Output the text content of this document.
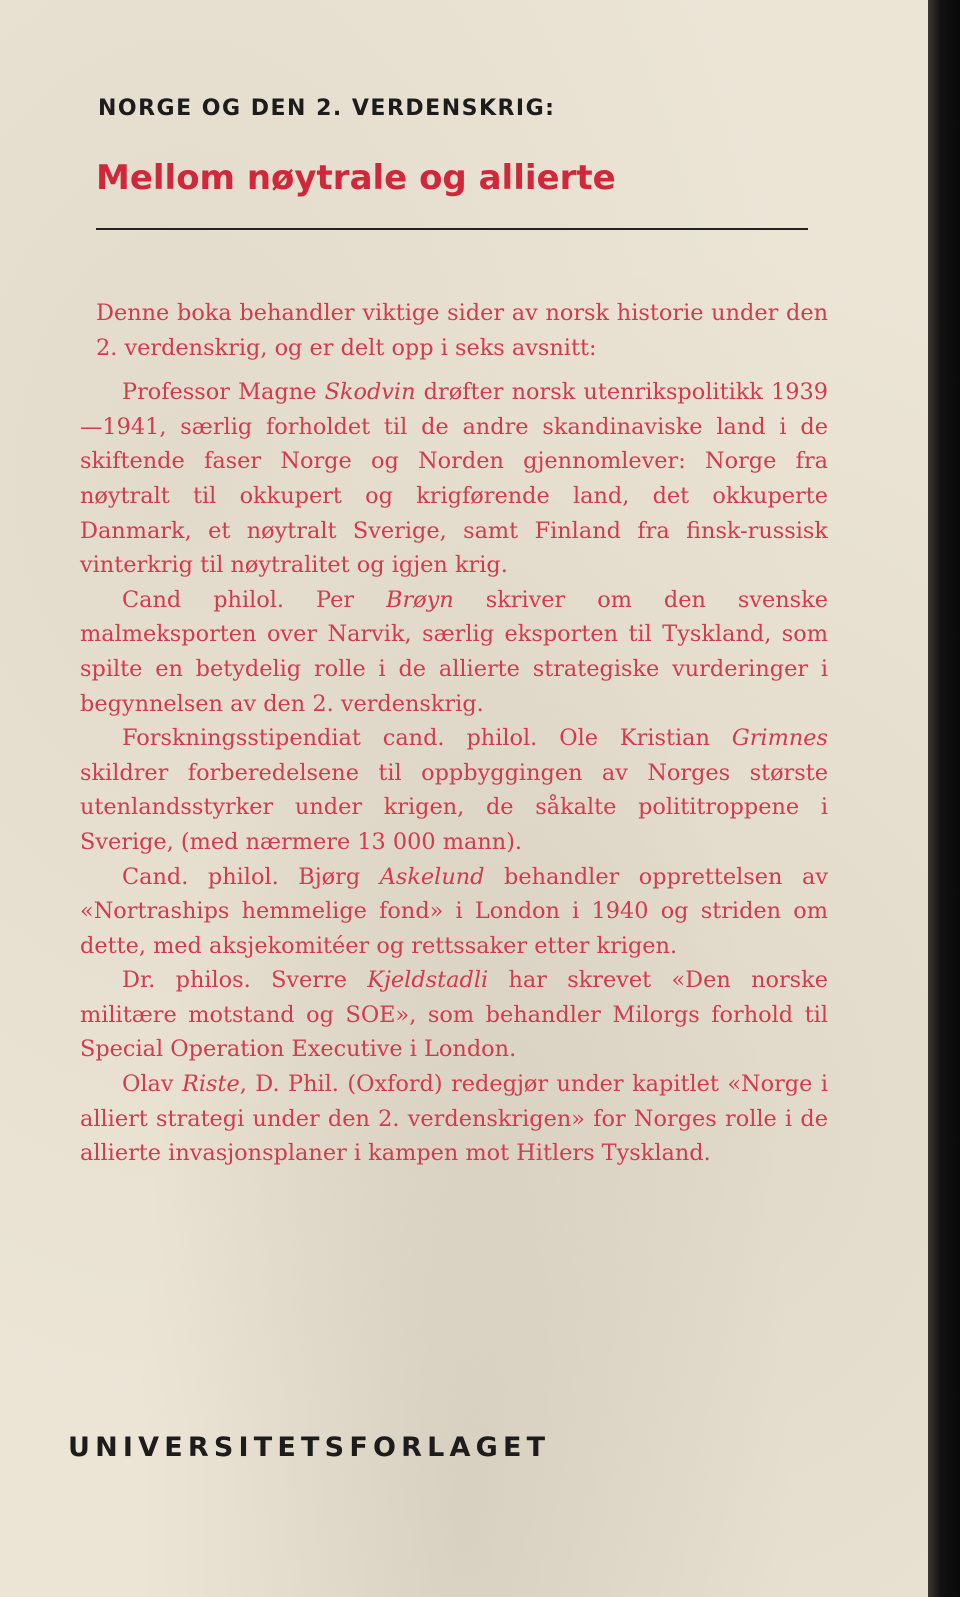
NORGE OG DEN 2. VERDENSKRIG:
Mellom nøytrale og allierte

Denne boka behandler viktige sider av norsk historie under den 2. verdenskrig, og er delt opp i seks avsnitt:

Professor Magne Skodvin drøfter norsk utenrikspolitikk 1939—1941, særlig forholdet til de andre skandinaviske land i de skiftende faser Norge og Norden gjennomlever: Norge fra nøytralt til okkupert og krigførende land, det okkuperte Danmark, et nøytralt Sverige, samt Finland fra finsk-russisk vinterkrig til nøytralitet og igjen krig.

Cand philol. Per Brøyn skriver om den svenske malmeksporten over Narvik, særlig eksporten til Tyskland, som spilte en betydelig rolle i de allierte strategiske vurderinger i begynnelsen av den 2. verdenskrig.

Forskningsstipendiat cand. philol. Ole Kristian Grimnes skildrer forberedelsene til oppbyggingen av Norges største utenlandsstyrker under krigen, de såkalte polititroppene i Sverige, (med nærmere 13 000 mann).

Cand. philol. Bjørg Askelund behandler opprettelsen av «Nortraships hemmelige fond» i London i 1940 og striden om dette, med aksjekomitéer og rettssaker etter krigen.

Dr. philos. Sverre Kjeldstadli har skrevet «Den norske militære motstand og SOE», som behandler Milorgs forhold til Special Operation Executive i London.

Olav Riste, D. Phil. (Oxford) redegjør under kapitlet «Norge i alliert strategi under den 2. verdenskrigen» for Norges rolle i de allierte invasjonsplaner i kampen mot Hitlers Tyskland.

UNIVERSITETSFORLAGET
